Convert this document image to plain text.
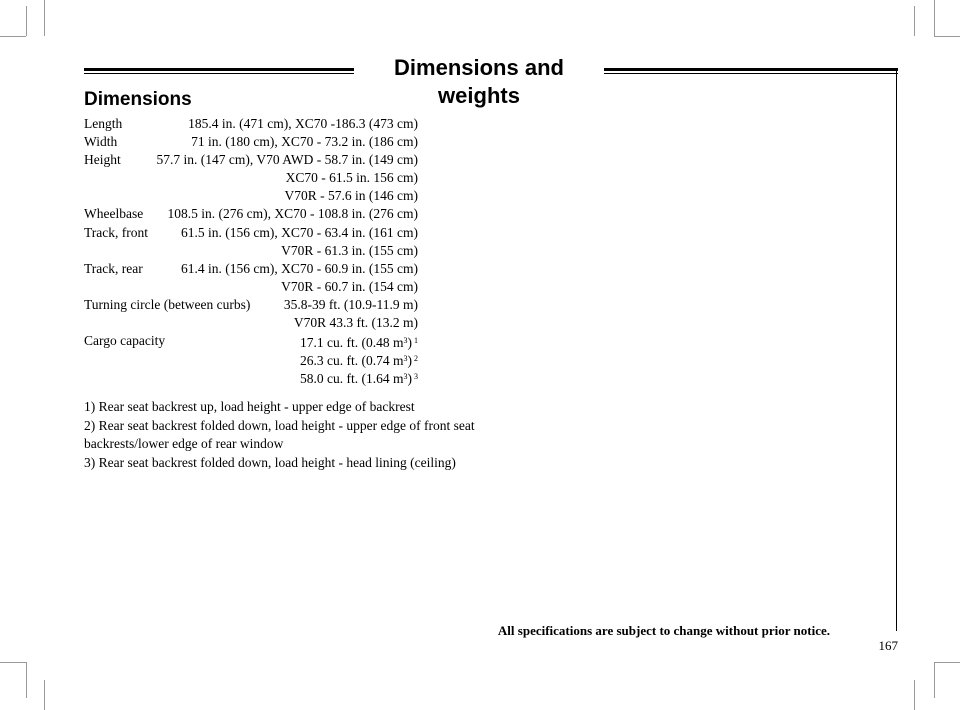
Dimensions and weights
Dimensions
Length	185.4 in. (471 cm), XC70 -186.3 (473 cm)
Width	71 in. (180 cm), XC70 - 73.2 in. (186 cm)
Height	57.7 in. (147 cm), V70 AWD - 58.7 in. (149 cm)
XC70 - 61.5 in. 156 cm)
V70R - 57.6 in (146 cm)
Wheelbase 108.5 in. (276 cm), XC70 - 108.8 in. (276 cm)
Track, front 61.5 in. (156 cm), XC70 - 63.4 in. (161 cm)
V70R - 61.3 in. (155 cm)
Track, rear	61.4 in. (156 cm), XC70 - 60.9 in. (155 cm)
V70R - 60.7 in. (154 cm)
Turning circle (between curbs) 35.8-39 ft. (10.9-11.9 m)
V70R 43.3 ft. (13.2 m)
Cargo capacity	17.1 cu. ft. (0.48 $m^3$) $^1$
26.3 cu. ft. (0.74 $m^3$) $^2$
58.0 cu. ft. (1.64 $m^3$) $^3$

1) Rear seat backrest up, load height - upper edge of backrest

2) Rear seat backrest folded down, load height - upper edge of front seat

backrests/lower edge of rear window

3) Rear seat backrest folded down, load height - head lining (ceiling)

All specifications are subject to change without prior notice.
167
